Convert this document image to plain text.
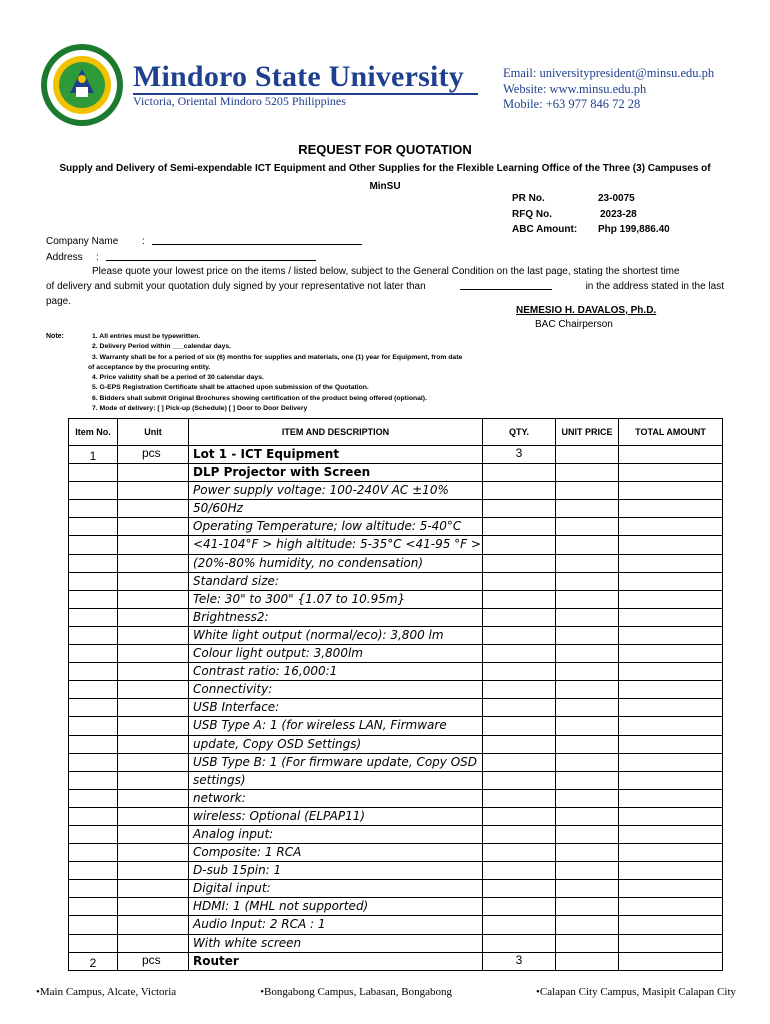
Mindoro State University
Victoria, Oriental Mindoro 5205 Philippines
Email: universitypresident@minsu.edu.ph
Website: www.minsu.edu.ph
Mobile: +63 977 846 72 28
REQUEST FOR QUOTATION
Supply and Delivery of Semi-expendable ICT Equipment and Other Supplies for the Flexible Learning Office of the Three (3) Campuses of
MinSU
PR No.	23-0075
RFQ No.	2023-28
ABC Amount:	Php 199,886.40
Company Name	:
Address	:
Please quote your lowest price on the items / listed below, subject to the General Condition on the last page, stating the shortest time
of delivery and submit your quotation duly signed by your representative not later than	in the address stated in the last
page.
NEMESIO H. DAVALOS, Ph.D.
BAC Chairperson
Note:	1. All entries must be typewritten.
2. Delivery Period within ___calendar days.
3. Warranty shall be for a period of six (6) months for supplies and materials, one (1) year for Equipment, from date
of acceptance by the procuring entity.
4. Price validity shall be a period of 30 calendar days.
5. G-EPS Registration Certificate shall be attached upon submission of the Quotation.
6. Bidders shall submit Original Brochures showing certification of the product being offered (optional).
7. Mode of delivery: [ ] Pick-up (Schedule) [ ] Door to Door Delivery
Item No.	Unit	ITEM AND DESCRIPTION	QTY.	UNIT PRICE	TOTAL AMOUNT
1	pcs	Lot 1 - ICT Equipment	3		
		DLP Projector with Screen			
		Power supply voltage: 100-240V AC ±10%			
		50/60Hz			
		Operating Temperature; low altitude: 5-40°C			
		<41-104°F > high altitude: 5-35°C <41-95 °F >			
		(20%-80% humidity, no condensation)			
		Standard size:			
		Tele: 30" to 300" {1.07 to 10.95m}			
		Brightness2:			
		White light output (normal/eco): 3,800 lm			
		Colour light output: 3,800lm			
		Contrast ratio: 16,000:1			
		Connectivity:			
		USB Interface:			
		USB Type A: 1 (for wireless LAN, Firmware			
		update, Copy OSD Settings)			
		USB Type B: 1 (For firmware update, Copy OSD			
		settings)			
		network:			
		wireless: Optional (ELPAP11)			
		Analog input:			
		Composite: 1 RCA			
		D-sub 15pin: 1			
		Digital input:			
		HDMI: 1 (MHL not supported)			
		Audio Input: 2 RCA : 1			
		With white screen			
2	pcs	Router	3		
•Main Campus, Alcate, Victoria	•Bongabong Campus, Labasan, Bongabong	•Calapan City Campus, Masipit Calapan City
